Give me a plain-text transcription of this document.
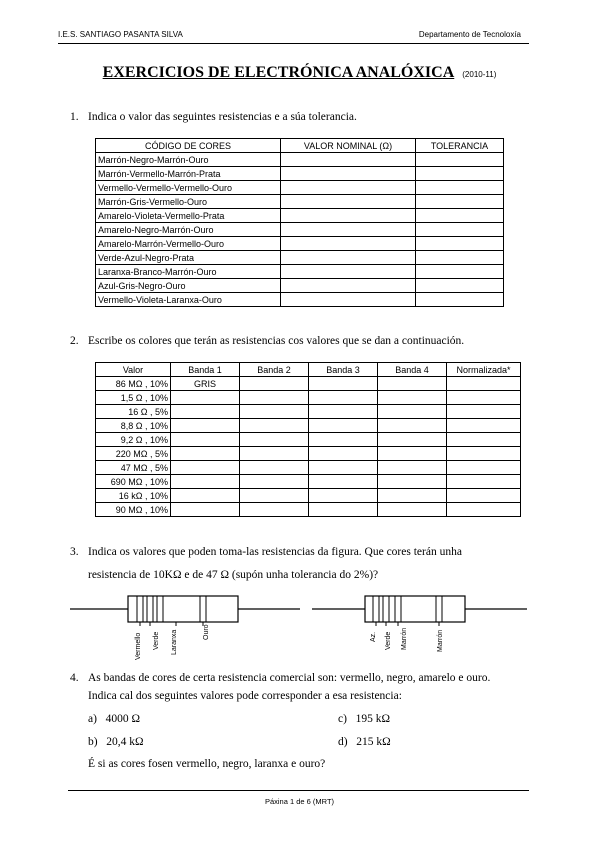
I.E.S. SANTIAGO PASANTA SILVA	Departamento de Tecnoloxía
EXERCICIOS DE ELECTRÓNICA ANALÓXICA (2010-11)
1. Indica o valor das seguintes resistencias e a súa tolerancia.
CÓDIGO DE CORES	VALOR NOMINAL (Ω)	TOLERANCIA
Marrón-Negro-Marrón-Ouro		
Marrón-Vermello-Marrón-Prata		
Vermello-Vermello-Vermello-Ouro		
Marrón-Gris-Vermello-Ouro		
Amarelo-Violeta-Vermello-Prata		
Amarelo-Negro-Marrón-Ouro		
Amarelo-Marrón-Vermello-Ouro		
Verde-Azul-Negro-Prata		
Laranxa-Branco-Marrón-Ouro		
Azul-Gris-Negro-Ouro		
Vermello-Violeta-Laranxa-Ouro		
2. Escribe os colores que terán as resistencias cos valores que se dan a continuación.
Valor	Banda 1	Banda 2	Banda 3	Banda 4	Normalizada*
86 MΩ , 10%	GRIS				
1,5 Ω , 10%					
16 Ω , 5%					
8,8 Ω , 10%					
9,2 Ω , 10%					
220 MΩ , 5%					
47 MΩ , 5%					
690 MΩ , 10%					
16 kΩ , 10%					
90 MΩ , 10%					
3. Indica os valores que poden toma-las resistencias da figura. Que cores terán unha
resistencia de 10KΩ e de 47 Ω (supón unha tolerancia do 2%)?
Vermello Verde Laranxa	Ouro	Az. Verde Marrón	Marrón
4. As bandas de cores de certa resistencia comercial son: vermello, negro, amarelo e ouro.
Indica cal dos seguintes valores pode corresponder a esa resistencia:
a) 4000 Ω	c) 195 kΩ
b) 20,4 kΩ	d) 215 kΩ
É si as cores fosen vermello, negro, laranxa e ouro?
Páxina 1 de 6 (MRT)
